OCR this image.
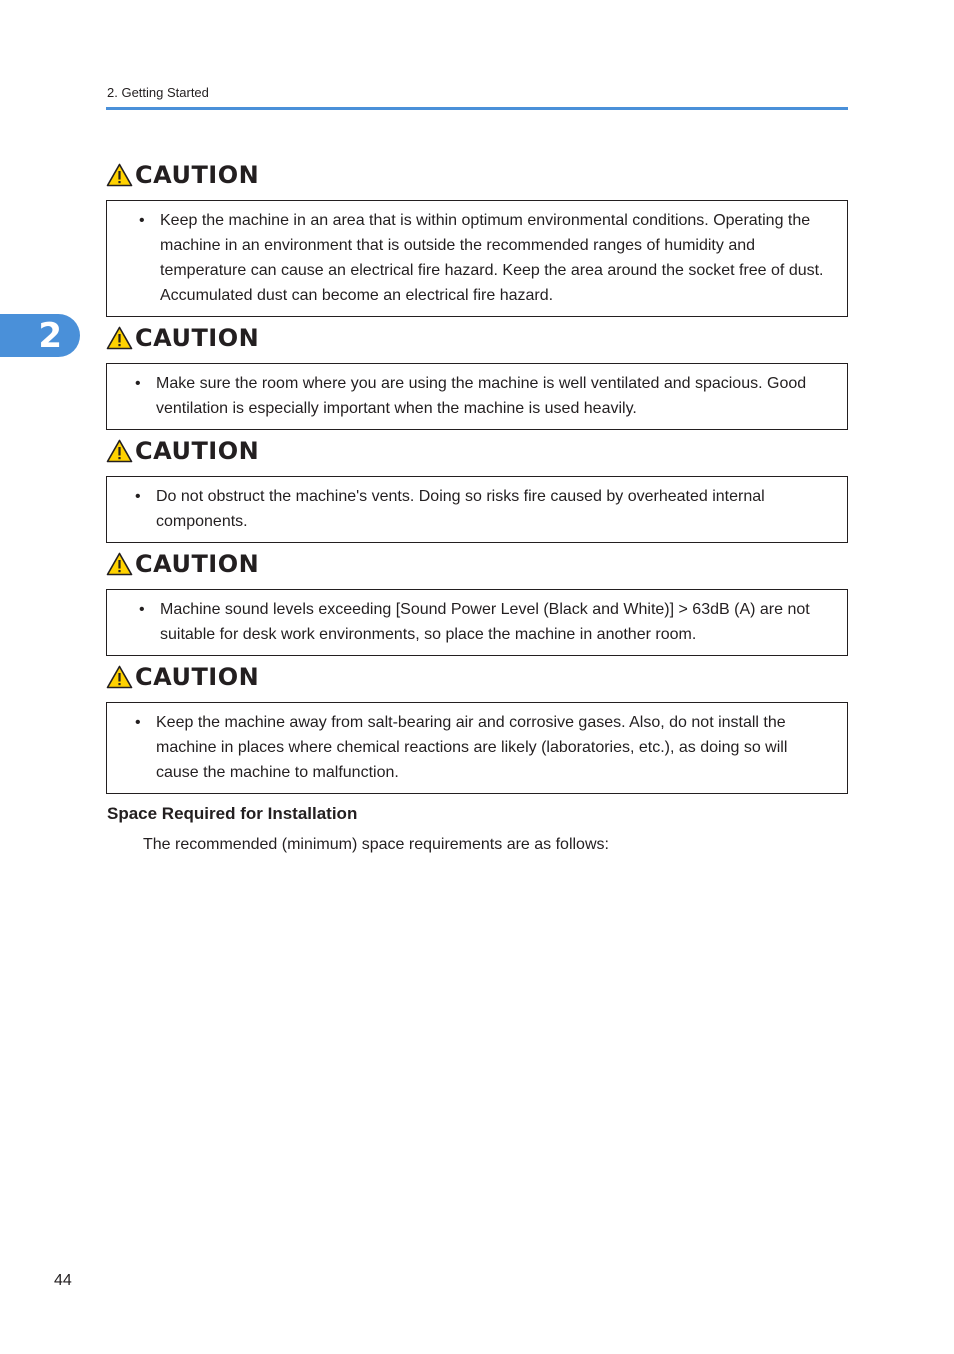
2. Getting Started
2
CAUTION
• Keep the machine in an area that is within optimum environmental conditions. Operating the machine in an environment that is outside the recommended ranges of humidity and temperature can cause an electrical fire hazard. Keep the area around the socket free of dust. Accumulated dust can become an electrical fire hazard.
CAUTION
• Make sure the room where you are using the machine is well ventilated and spacious. Good ventilation is especially important when the machine is used heavily.
CAUTION
• Do not obstruct the machine's vents. Doing so risks fire caused by overheated internal components.
CAUTION
• Machine sound levels exceeding [Sound Power Level (Black and White)] > 63dB (A) are not suitable for desk work environments, so place the machine in another room.
CAUTION
• Keep the machine away from salt-bearing air and corrosive gases. Also, do not install the machine in places where chemical reactions are likely (laboratories, etc.), as doing so will cause the machine to malfunction.
Space Required for Installation
The recommended (minimum) space requirements are as follows:
44
